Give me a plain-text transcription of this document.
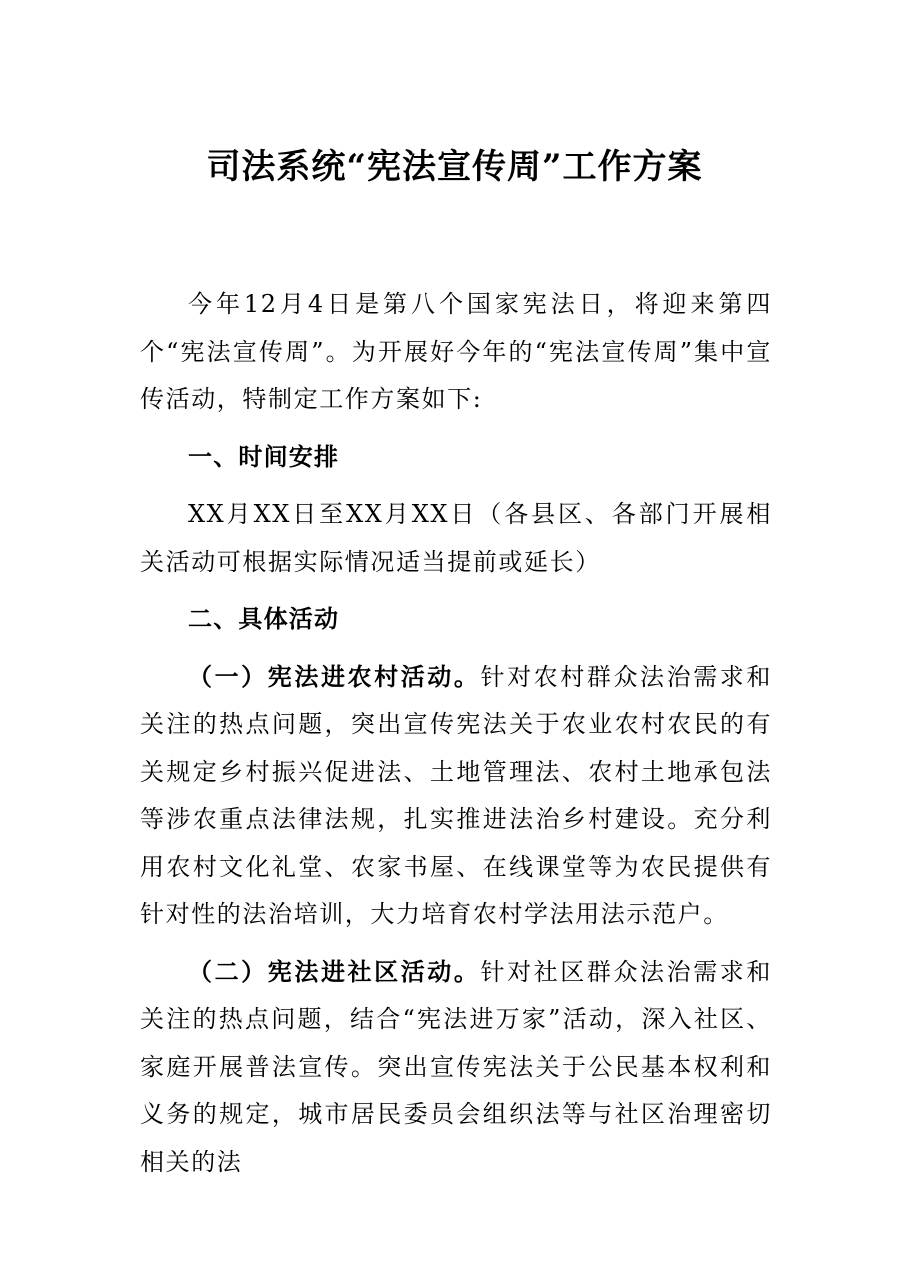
司法系统“宪法宣传周”工作方案

今年12月4日是第八个国家宪法日，将迎来第四个“宪法宣传周”。为开展好今年的“宪法宣传周”集中宣传活动，特制定工作方案如下:

一、时间安排

XX月XX日至XX月XX日（各县区、各部门开展相关活动可根据实际情况适当提前或延长）

二、具体活动

（一）宪法进农村活动。针对农村群众法治需求和关注的热点问题，突出宣传宪法关于农业农村农民的有关规定乡村振兴促进法、土地管理法、农村土地承包法等涉农重点法律法规，扎实推进法治乡村建设。充分利用农村文化礼堂、农家书屋、在线课堂等为农民提供有针对性的法治培训，大力培育农村学法用法示范户。

（二）宪法进社区活动。针对社区群众法治需求和关注的热点问题，结合“宪法进万家”活动，深入社区、家庭开展普法宣传。突出宣传宪法关于公民基本权利和义务的规定，城市居民委员会组织法等与社区治理密切相关的法
